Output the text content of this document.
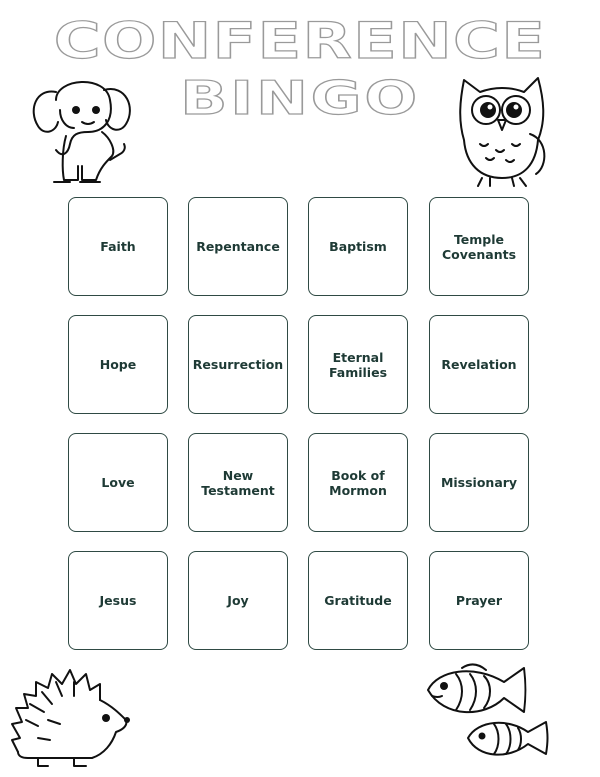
CONFERENCE
BINGO
Faith	Repentance	Baptism	Temple
Covenants
Hope	Resurrection	Eternal
Families	Revelation
Love	New
Testament
Book of
Mormon	Missionary
Jesus	Joy	Gratitude	Prayer
